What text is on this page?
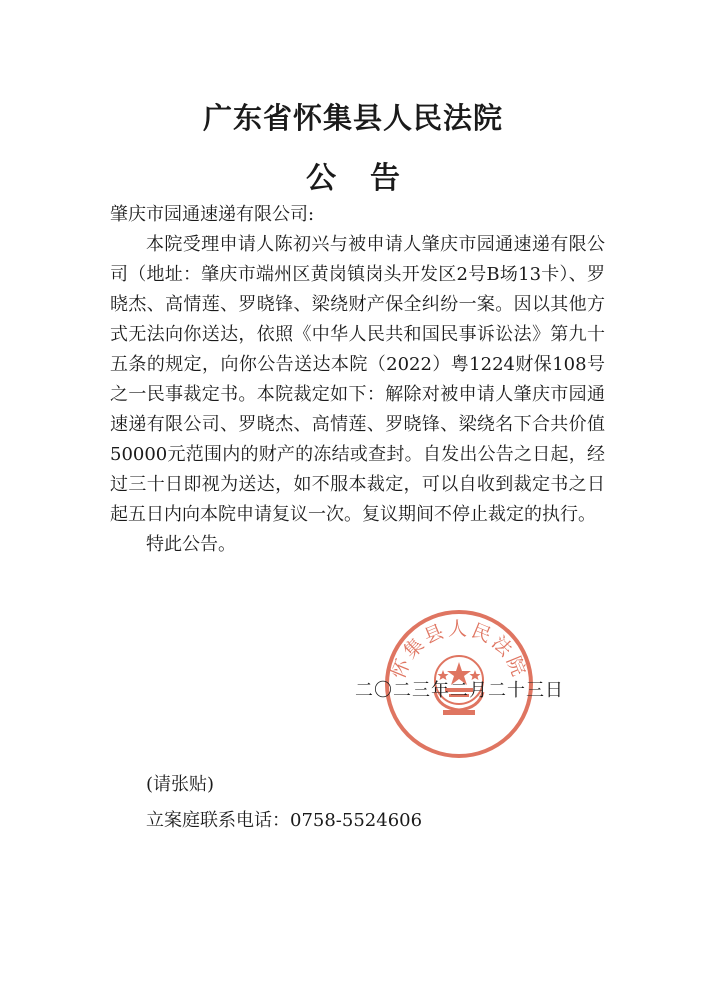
广东省怀集县人民法院
公告

肇庆市园通速递有限公司:

本院受理申请人陈初兴与被申请人肇庆市园通速递有限公司（地址：肇庆市端州区黄岗镇岗头开发区2号B场13卡）、罗晓杰、高情莲、罗晓锋、梁绕财产保全纠纷一案。因以其他方式无法向你送达，依照《中华人民共和国民事诉讼法》第九十五条的规定，向你公告送达本院（2022）粤1224财保108号之一民事裁定书。本院裁定如下：解除对被申请人肇庆市园通速递有限公司、罗晓杰、高情莲、罗晓锋、梁绕名下合共价值50000元范围内的财产的冻结或查封。自发出公告之日起，经过三十日即视为送达，如不服本裁定，可以自收到裁定书之日起五日内向本院申请复议一次。复议期间不停止裁定的执行。

特此公告。

怀集县人民法院
二〇二三年二月二十三日
(请张贴)
立案庭联系电话：0758-5524606
